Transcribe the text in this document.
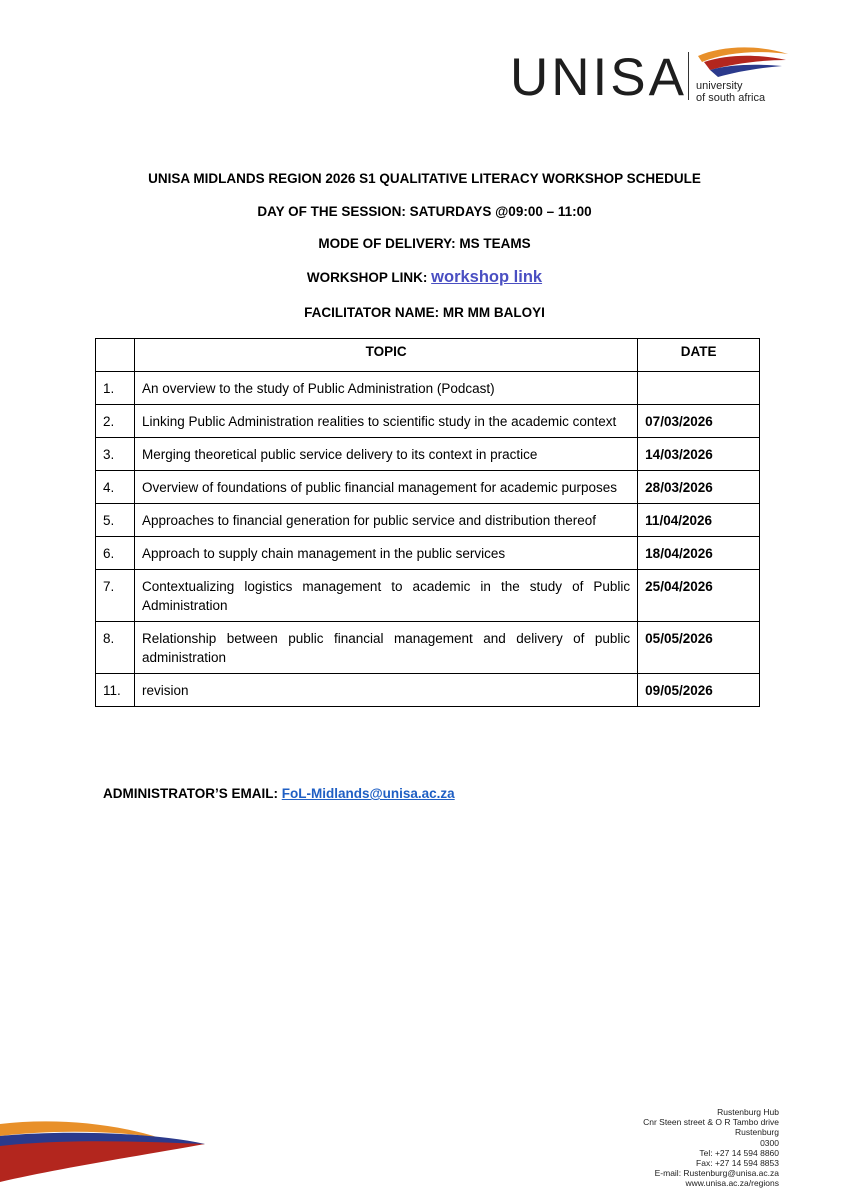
UNISA university
of south africa
UNISA MIDLANDS REGION 2026 S1 QUALITATIVE LITERACY WORKSHOP SCHEDULE
DAY OF THE SESSION: SATURDAYS @09:00 – 11:00
MODE OF DELIVERY: MS TEAMS
WORKSHOP LINK: workshop link
FACILITATOR NAME: MR MM BALOYI
	TOPIC	DATE
1.	An overview to the study of Public Administration (Podcast)	
2.	Linking Public Administration realities to scientific study in the academic context	07/03/2026
3.	Merging theoretical public service delivery to its context in practice	14/03/2026
4.	Overview of foundations of public financial management for academic purposes	28/03/2026
5.	Approaches to financial generation for public service and distribution thereof	11/04/2026
6.	Approach to supply chain management in the public services	18/04/2026
7.	Contextualizing logistics management to academic in the study of Public Administration	25/04/2026
8.	Relationship between public financial management and delivery of public administration	05/05/2026
11.	revision	09/05/2026
ADMINISTRATOR’S EMAIL: FoL-Midlands@unisa.ac.za
Rustenburg Hub
Cnr Steen street & O R Tambo drive
Rustenburg
0300
Tel: +27 14 594 8860
Fax: +27 14 594 8853
E-mail: Rustenburg@unisa.ac.za
www.unisa.ac.za/regions
